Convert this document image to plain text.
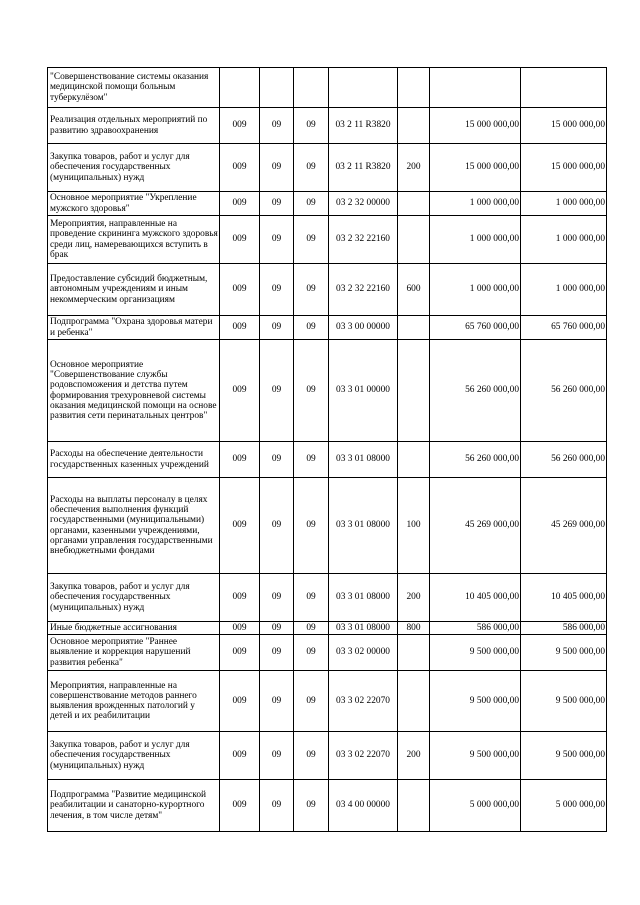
"Совершенствование системы оказания медицинской помощи больным туберкулёзом"							
Реализация отдельных мероприятий по развитию здравоохранения	009	09	09	03 2 11 R3820		15 000 000,00	15 000 000,00
Закупка товаров, работ и услуг для обеспечения государственных (муниципальных) нужд	009	09	09	03 2 11 R3820	200	15 000 000,00	15 000 000,00
Основное мероприятие "Укрепление мужского здоровья"	009	09	09	03 2 32 00000		1 000 000,00	1 000 000,00
Мероприятия, направленные на проведение скрининга мужского здоровья среди лиц, намеревающихся вступить в брак	009	09	09	03 2 32 22160		1 000 000,00	1 000 000,00
Предоставление субсидий бюджетным, автономным учреждениям и иным некоммерческим организациям	009	09	09	03 2 32 22160	600	1 000 000,00	1 000 000,00
Подпрограмма "Охрана здоровья матери и ребенка"	009	09	09	03 3 00 00000		65 760 000,00	65 760 000,00
Основное мероприятие "Совершенствование службы родовспоможения и детства путем формирования трехуровневой системы оказания медицинской помощи на основе развития сети перинатальных центров"	009	09	09	03 3 01 00000		56 260 000,00	56 260 000,00
Расходы на обеспечение деятельности государственных казенных учреждений	009	09	09	03 3 01 08000		56 260 000,00	56 260 000,00
Расходы на выплаты персоналу в целях обеспечения выполнения функций государственными (муниципальными) органами, казенными учреждениями, органами управления государственными внебюджетными фондами	009	09	09	03 3 01 08000	100	45 269 000,00	45 269 000,00
Закупка товаров, работ и услуг для обеспечения государственных (муниципальных) нужд	009	09	09	03 3 01 08000	200	10 405 000,00	10 405 000,00
Иные бюджетные ассигнования	009	09	09	03 3 01 08000	800	586 000,00	586 000,00
Основное мероприятие "Раннее выявление и коррекция нарушений развития ребенка"	009	09	09	03 3 02 00000		9 500 000,00	9 500 000,00
Мероприятия, направленные на совершенствование методов раннего выявления врожденных патологий у детей и их реабилитации	009	09	09	03 3 02 22070		9 500 000,00	9 500 000,00
Закупка товаров, работ и услуг для обеспечения государственных (муниципальных) нужд	009	09	09	03 3 02 22070	200	9 500 000,00	9 500 000,00
Подпрограмма "Развитие медицинской реабилитации и санаторно-курортного лечения, в том числе детям"	009	09	09	03 4 00 00000		5 000 000,00	5 000 000,00
